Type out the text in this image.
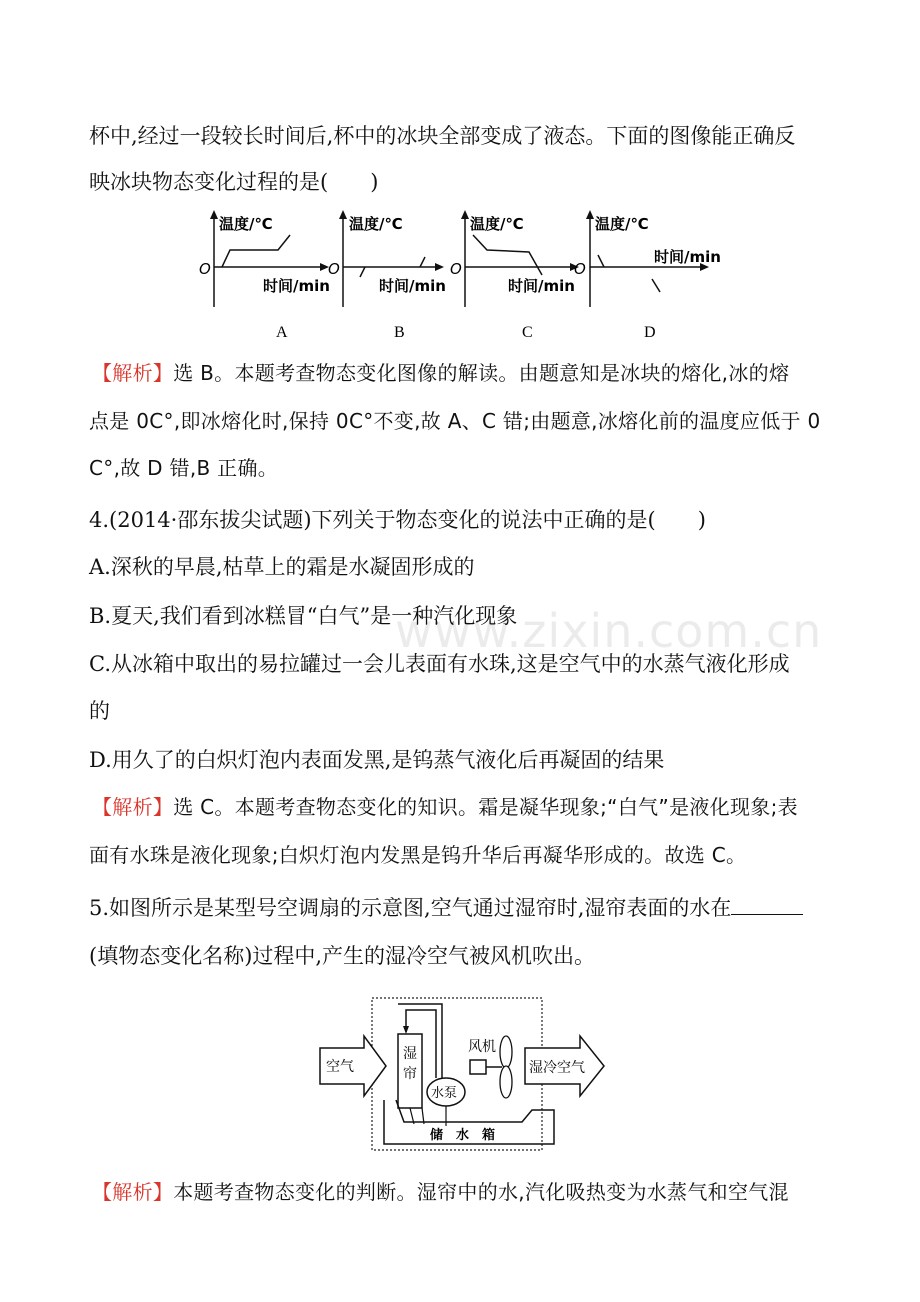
杯中,经过一段较长时间后,杯中的冰块全部变成了液态。下面的图像能正确反
映冰块物态变化过程的是(　　)
温度/℃
O
时间/min
A
温度/℃
O
时间/min
B
温度/℃
O
时间/min
C
温度/℃
O
时间/min
D
【解析】选 B。本题考查物态变化图像的解读。由题意知是冰块的熔化,冰的熔
点是 0C°,即冰熔化时,保持 0C°不变,故 A、C 错;由题意,冰熔化前的温度应低于 0
C°,故 D 错,B 正确。
4.(2014·邵东拔尖试题)下列关于物态变化的说法中正确的是(　　)
A.深秋的早晨,枯草上的霜是水凝固形成的
B.夏天,我们看到冰糕冒“白气”是一种汽化现象
C.从冰箱中取出的易拉罐过一会儿表面有水珠,这是空气中的水蒸气液化形成
的
D.用久了的白炽灯泡内表面发黑,是钨蒸气液化后再凝固的结果
【解析】选 C。本题考查物态变化的知识。霜是凝华现象;“白气”是液化现象;表
面有水珠是液化现象;白炽灯泡内发黑是钨升华后再凝华形成的。故选 C。
5.如图所示是某型号空调扇的示意图,空气通过湿帘时,湿帘表面的水在
(填物态变化名称)过程中,产生的湿冷空气被风机吹出。
空气
湿
帘
水泵
风机
湿冷空气
储　水　箱
【解析】本题考查物态变化的判断。湿帘中的水,汽化吸热变为水蒸气和空气混
www.zixin.com.cn
